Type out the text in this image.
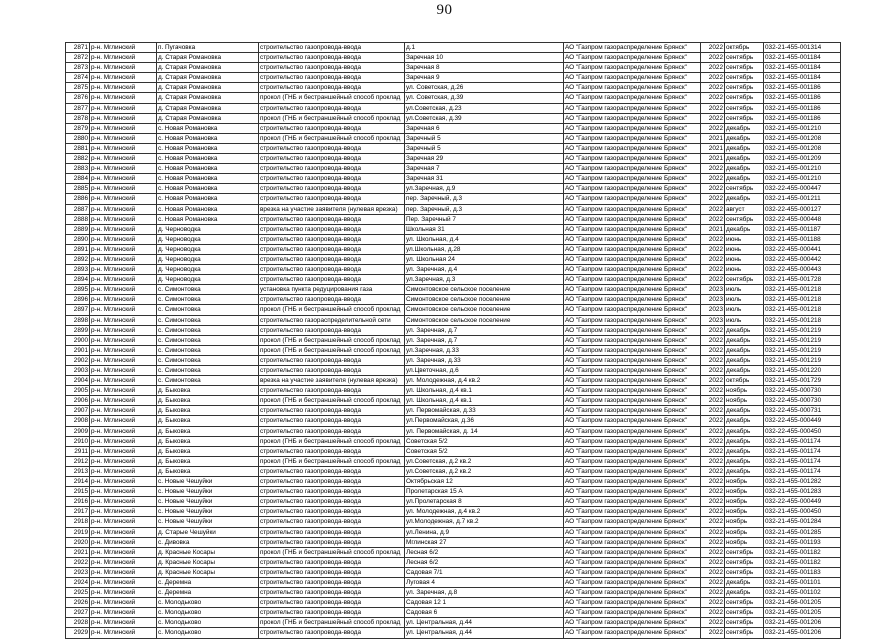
90
2871	р-н. Мглинский	п. Пугачовка	строительство газопровода-ввода	д.1	АО "Газпром газораспределение Брянск"	2022	октябрь	032-21-455-001314
2872	р-н. Мглинский	д. Старая Романовка	строительство газопровода-ввода	Заречная 10	АО "Газпром газораспределение Брянск"	2022	сентябрь	032-21-455-001184
2873	р-н. Мглинский	д. Старая Романовка	строительство газопровода-ввода	Заречная 8	АО "Газпром газораспределение Брянск"	2022	сентябрь	032-21-455-001184
2874	р-н. Мглинский	д. Старая Романовка	строительство газопровода-ввода	Заречная 9	АО "Газпром газораспределение Брянск"	2022	сентябрь	032-21-455-001184
2875	р-н. Мглинский	д. Старая Романовка	строительство газопровода-ввода	ул. Советская, д.26	АО "Газпром газораспределение Брянск"	2022	сентябрь	032-21-455-001186
2876	р-н. Мглинский	д. Старая Романовка	прокол (ГНБ и бестраншейный способ проклад	ул. Советская, д.39	АО "Газпром газораспределение Брянск"	2022	сентябрь	032-21-455-001186
2877	р-н. Мглинский	д. Старая Романовка	строительство газопровода-ввода	ул.Советская, д.23	АО "Газпром газораспределение Брянск"	2022	сентябрь	032-21-455-001186
2878	р-н. Мглинский	д. Старая Романовка	прокол (ГНБ и бестраншейный способ проклад	ул.Советская, д.39	АО "Газпром газораспределение Брянск"	2022	сентябрь	032-21-455-001186
2879	р-н. Мглинский	с. Новая Романовка	строительство газопровода-ввода	Заречная 6	АО "Газпром газораспределение Брянск"	2022	декабрь	032-21-455-001210
2880	р-н. Мглинский	с. Новая Романовка	прокол (ГНБ и бестраншейный способ проклад	Заречный 5	АО "Газпром газораспределение Брянск"	2021	декабрь	032-21-455-001208
2881	р-н. Мглинский	с. Новая Романовка	строительство газопровода-ввода	Заречный 5	АО "Газпром газораспределение Брянск"	2021	декабрь	032-21-455-001208
2882	р-н. Мглинский	с. Новая Романовка	строительство газопровода-ввода	Заречная 29	АО "Газпром газораспределение Брянск"	2021	декабрь	032-21-455-001209
2883	р-н. Мглинский	с. Новая Романовка	строительство газопровода-ввода	Заречная 7	АО "Газпром газораспределение Брянск"	2022	декабрь	032-21-455-001210
2884	р-н. Мглинский	с. Новая Романовка	строительство газопровода-ввода	Заречная 31	АО "Газпром газораспределение Брянск"	2022	декабрь	032-21-455-001210
2885	р-н. Мглинский	с. Новая Романовка	строительство газопровода-ввода	ул.Заречная, д.9	АО "Газпром газораспределение Брянск"	2022	сентябрь	032-22-455-000447
2886	р-н. Мглинский	с. Новая Романовка	строительство газопровода-ввода	пер. Заречный, д.3	АО "Газпром газораспределение Брянск"	2022	декабрь	032-21-455-001211
2887	р-н. Мглинский	с. Новая Романовка	врезка на участие заявителя (нулевая врезка)	пер. Заречный, д.3	АО "Газпром газораспределение Брянск"	2022	август	032-22-455-000127
2888	р-н. Мглинский	с. Новая Романовка	строительство газопровода-ввода	Пер. Заречный 7	АО "Газпром газораспределение Брянск"	2022	сентябрь	032-22-455-000448
2889	р-н. Мглинский	д. Черноводка	строительство газопровода-ввода	Школьная 31	АО "Газпром газораспределение Брянск"	2021	декабрь	032-21-455-001187
2890	р-н. Мглинский	д. Черноводка	строительство газопровода-ввода	ул. Школьная, д.4	АО "Газпром газораспределение Брянск"	2022	июнь	032-21-455-001188
2891	р-н. Мглинский	д. Черноводка	строительство газопровода-ввода	ул.Школьная, д.28	АО "Газпром газораспределение Брянск"	2022	июнь	032-22-455-000441
2892	р-н. Мглинский	д. Черноводка	строительство газопровода-ввода	ул. Школьная 24	АО "Газпром газораспределение Брянск"	2022	июнь	032-22-455-000442
2893	р-н. Мглинский	д. Черноводка	строительство газопровода-ввода	ул. Заречная, д.4	АО "Газпром газораспределение Брянск"	2022	июнь	032-22-455-000443
2894	р-н. Мглинский	д. Черноводка	строительство газопровода-ввода	ул.Заречная, д.3	АО "Газпром газораспределение Брянск"	2022	сентябрь	032-21-455-001728
2895	р-н. Мглинский	с. Симонтовка	установка пункта редуцирования газа	Симонтовское сельское поселение	АО "Газпром газораспределение Брянск"	2023	июль	032-21-455-001218
2896	р-н. Мглинский	с. Симонтовка	строительство газопровода-ввода	Симонтовское сельское поселение	АО "Газпром газораспределение Брянск"	2023	июль	032-21-455-001218
2897	р-н. Мглинский	с. Симонтовка	прокол (ГНБ и бестраншейный способ проклад	Симонтовское сельское поселение	АО "Газпром газораспределение Брянск"	2023	июль	032-21-455-001218
2898	р-н. Мглинский	с. Симонтовка	строительство газораспределительной сети	Симонтовское сельское поселение	АО "Газпром газораспределение Брянск"	2023	июль	032-21-455-001218
2899	р-н. Мглинский	с. Симонтовка	строительство газопровода-ввода	ул. Заречная, д.7	АО "Газпром газораспределение Брянск"	2022	декабрь	032-21-455-001219
2900	р-н. Мглинский	с. Симонтовка	прокол (ГНБ и бестраншейный способ проклад	ул. Заречная, д.7	АО "Газпром газораспределение Брянск"	2022	декабрь	032-21-455-001219
2901	р-н. Мглинский	с. Симонтовка	прокол (ГНБ и бестраншейный способ проклад	ул.Заречная, д.33	АО "Газпром газораспределение Брянск"	2022	декабрь	032-21-455-001219
2902	р-н. Мглинский	с. Симонтовка	строительство газопровода-ввода	ул. Заречная, д.33	АО "Газпром газораспределение Брянск"	2022	декабрь	032-21-455-001219
2903	р-н. Мглинский	с. Симонтовка	строительство газопровода-ввода	ул.Цветочная, д.6	АО "Газпром газораспределение Брянск"	2022	декабрь	032-21-455-001220
2904	р-н. Мглинский	с. Симонтовка	врезка на участие заявителя (нулевая врезка)	ул. Молодежная, д.4 кв.2	АО "Газпром газораспределение Брянск"	2022	октябрь	032-21-455-001729
2905	р-н. Мглинский	д. Быковка	строительство газопровода-ввода	ул. Школьная, д.4 кв.1	АО "Газпром газораспределение Брянск"	2022	ноябрь	032-22-455-000730
2906	р-н. Мглинский	д. Быковка	прокол (ГНБ и бестраншейный способ проклад	ул. Школьная, д.4 кв.1	АО "Газпром газораспределение Брянск"	2022	ноябрь	032-22-455-000730
2907	р-н. Мглинский	д. Быковка	строительство газопровода-ввода	ул. Первомайская, д.33	АО "Газпром газораспределение Брянск"	2022	декабрь	032-22-455-000731
2908	р-н. Мглинский	д. Быковка	строительство газопровода-ввода	ул.Первомайская, д.36	АО "Газпром газораспределение Брянск"	2022	декабрь	032-22-455-000449
2909	р-н. Мглинский	д. Быковка	строительство газопровода-ввода	ул. Первомайская, д. 14	АО "Газпром газораспределение Брянск"	2022	декабрь	032-22-455-000450
2910	р-н. Мглинский	д. Быковка	прокол (ГНБ и бестраншейный способ проклад	Советская 5/2	АО "Газпром газораспределение Брянск"	2022	декабрь	032-21-455-001174
2911	р-н. Мглинский	д. Быковка	строительство газопровода-ввода	Советская 5/2	АО "Газпром газораспределение Брянск"	2022	декабрь	032-21-455-001174
2912	р-н. Мглинский	д. Быковка	прокол (ГНБ и бестраншейный способ проклад	ул.Советская, д.2 кв.2	АО "Газпром газораспределение Брянск"	2022	декабрь	032-21-455-001174
2913	р-н. Мглинский	д. Быковка	строительство газопровода-ввода	ул.Советская, д.2 кв.2	АО "Газпром газораспределение Брянск"	2022	декабрь	032-21-455-001174
2914	р-н. Мглинский	с. Новые Чешуйки	строительство газопровода-ввода	Октябрьская 12	АО "Газпром газораспределение Брянск"	2022	ноябрь	032-21-455-001282
2915	р-н. Мглинский	с. Новые Чешуйки	строительство газопровода-ввода	Пролетарская 15 А	АО "Газпром газораспределение Брянск"	2022	ноябрь	032-21-455-001283
2916	р-н. Мглинский	с. Новые Чешуйки	строительство газопровода-ввода	ул.Пролетарская 8	АО "Газпром газораспределение Брянск"	2022	ноябрь	032-22-455-000449
2917	р-н. Мглинский	с. Новые Чешуйки	строительство газопровода-ввода	ул. Молодежная, д.4 кв.2	АО "Газпром газораспределение Брянск"	2022	ноябрь	032-21-455-000450
2918	р-н. Мглинский	с. Новые Чешуйки	строительство газопровода-ввода	ул.Молодежная, д.7 кв.2	АО "Газпром газораспределение Брянск"	2022	ноябрь	032-21-455-001284
2919	р-н. Мглинский	д. Старые Чешуйки	строительство газопровода-ввода	ул.Ленина, д.9	АО "Газпром газораспределение Брянск"	2022	ноябрь	032-21-455-001285
2920	р-н. Мглинский	с. Дивовка	строительство газопровода-ввода	Мглинская 27	АО "Газпром газораспределение Брянск"	2022	ноябрь	032-21-455-001193
2921	р-н. Мглинский	д. Красные Косары	прокол (ГНБ и бестраншейный способ проклад	Лесная 6/2	АО "Газпром газораспределение Брянск"	2022	сентябрь	032-21-455-001182
2922	р-н. Мглинский	д. Красные Косары	строительство газопровода-ввода	Лесная 6/2	АО "Газпром газораспределение Брянск"	2022	сентябрь	032-21-455-001182
2923	р-н. Мглинский	д. Красные Косары	строительство газопровода-ввода	Садовая 7/1	АО "Газпром газораспределение Брянск"	2022	сентябрь	032-21-455-001183
2924	р-н. Мглинский	с. Деремна	строительство газопровода-ввода	Луговая 4	АО "Газпром газораспределение Брянск"	2022	декабрь	032-21-455-001101
2925	р-н. Мглинский	с. Деремна	строительство газопровода-ввода	ул. Заречная, д.8	АО "Газпром газораспределение Брянск"	2022	декабрь	032-21-455-001102
2926	р-н. Мглинский	с. Молодьково	строительство газопровода-ввода	Садовая 12 1	АО "Газпром газораспределение Брянск"	2022	сентябрь	032-21-456-001205
2927	р-н. Мглинский	с. Молодьково	строительство газопровода-ввода	Садовая 6	АО "Газпром газораспределение Брянск"	2022	сентябрь	032-21-455-001205
2928	р-н. Мглинский	с. Молодьково	прокол (ГНБ и бестраншейный способ проклад	ул. Центральная, д.44	АО "Газпром газораспределение Брянск"	2022	сентябрь	032-21-455-001206
2929	р-н. Мглинский	с. Молодьково	строительство газопровода-ввода	ул. Центральная, д.44	АО "Газпром газораспределение Брянск"	2022	сентябрь	032-21-455-001206
